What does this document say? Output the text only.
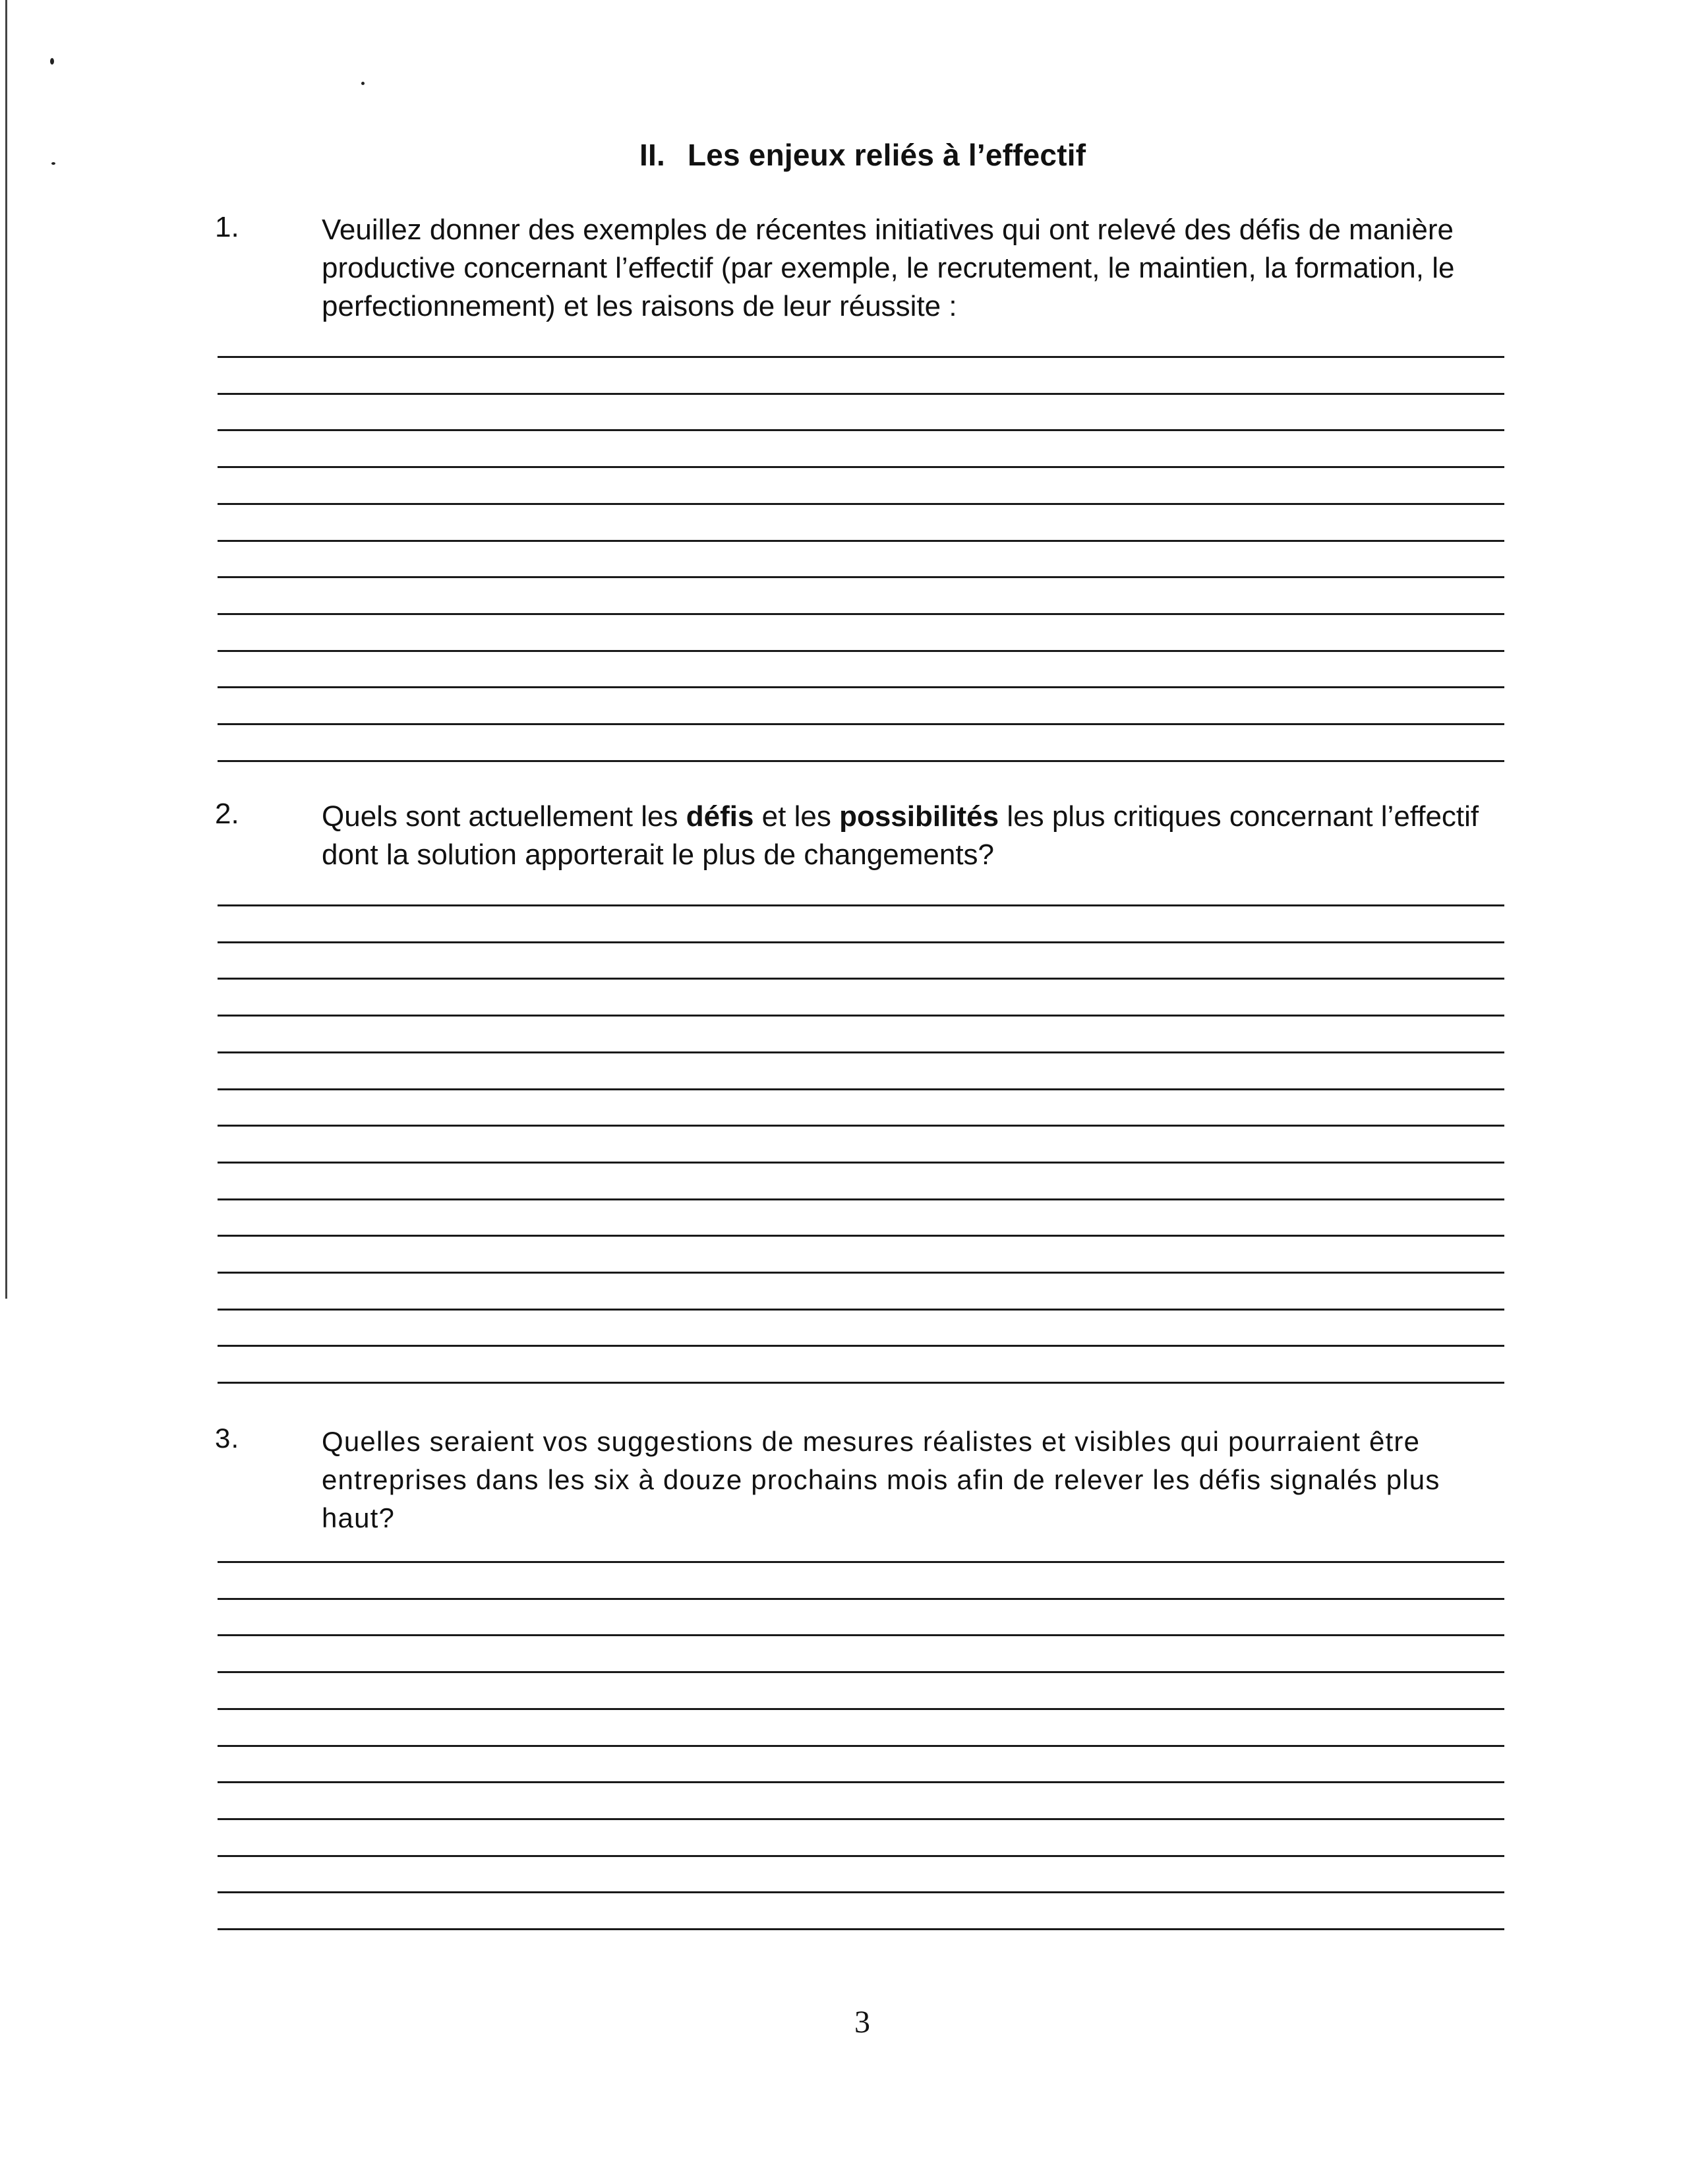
II. Les enjeux reliés à l’effectif
1.	Veuillez donner des exemples de récentes initiatives qui ont relevé des défis de manière productive concernant l’effectif (par exemple, le recrutement, le maintien, la formation, le perfectionnement) et les raisons de leur réussite :
2.	Quels sont actuellement les défis et les possibilités les plus critiques concernant l’effectif dont la solution apporterait le plus de changements?
3.	Quelles seraient vos suggestions de mesures réalistes et visibles qui pourraient être entreprises dans les six à douze prochains mois afin de relever les défis signalés plus haut?
3
